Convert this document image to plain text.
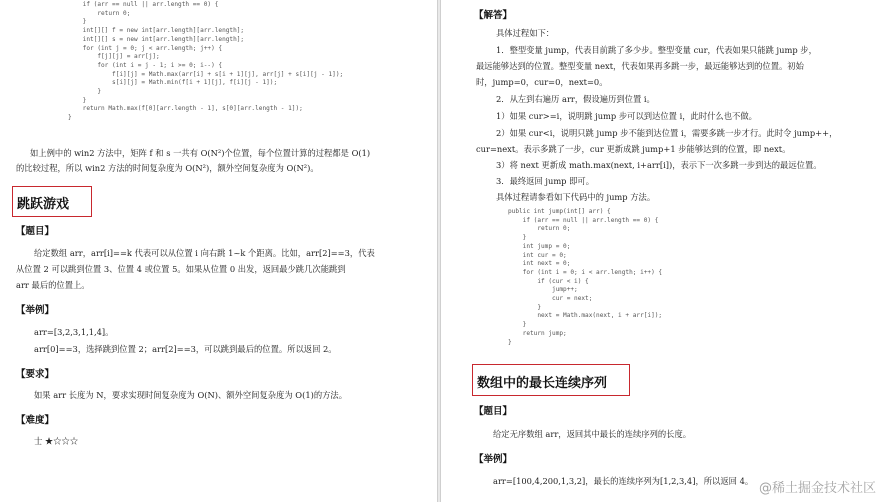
if (arr == null || arr.length == 0) {
return 0;
}
int[][] f = new int[arr.length][arr.length];
int[][] s = new int[arr.length][arr.length];
for (int j = 0; j < arr.length; j++) {
f[j][j] = arr[j];
for (int i = j - 1; i >= 0; i--) {
f[i][j] = Math.max(arr[i] + s[i + 1][j], arr[j] + s[i][j - 1]);
s[i][j] = Math.min(f[i + 1][j], f[i][j - 1]);
}
}
return Math.max(f[0][arr.length - 1], s[0][arr.length - 1]);
}
如上例中的 win2 方法中，矩阵 f 和 s 一共有 O(N²)个位置，每个位置计算的过程都是 O(1)
的比较过程，所以 win2 方法的时间复杂度为 O(N²)，额外空间复杂度为 O(N²)。
跳跃游戏
【题目】
给定数组 arr，arr[i]==k 代表可以从位置 i 向右跳 1~k 个距离。比如，arr[2]==3，代表
从位置 2 可以跳到位置 3、位置 4 或位置 5。如果从位置 0 出发，返回最少跳几次能跳到
arr 最后的位置上。
【举例】
arr=[3,2,3,1,1,4]。
arr[0]==3，选择跳到位置 2；arr[2]==3，可以跳到最后的位置。所以返回 2。
【要求】
如果 arr 长度为 N，要求实现时间复杂度为 O(N)、额外空间复杂度为 O(1)的方法。
【难度】
士 ★☆☆☆
【解答】
具体过程如下：
1．整型变量 jump，代表目前跳了多少步。整型变量 cur，代表如果只能跳 jump 步，
最远能够达到的位置。整型变量 next，代表如果再多跳一步，最远能够达到的位置。初始
时，jump=0，cur=0，next=0。
2．从左到右遍历 arr，假设遍历到位置 i。
1）如果 cur>=i，说明跳 jump 步可以到达位置 i，此时什么也不做。
2）如果 cur<i，说明只跳 jump 步不能到达位置 i，需要多跳一步才行。此时令 jump++，
cur=next。表示多跳了一步，cur 更新成跳 jump+1 步能够达到的位置，即 next。
3）将 next 更新成 math.max(next, i+arr[i])，表示下一次多跳一步到达的最远位置。
3．最终返回 jump 即可。
具体过程请参看如下代码中的 jump 方法。
public int jump(int[] arr) {
if (arr == null || arr.length == 0) {
return 0;
}
int jump = 0;
int cur = 0;
int next = 0;
for (int i = 0; i < arr.length; i++) {
if (cur < i) {
jump++;
cur = next;
}
next = Math.max(next, i + arr[i]);
}
return jump;
}
数组中的最长连续序列
【题目】
给定无序数组 arr，返回其中最长的连续序列的长度。
【举例】
arr=[100,4,200,1,3,2]，最长的连续序列为[1,2,3,4]，所以返回 4。 @稀土掘金技术社区
